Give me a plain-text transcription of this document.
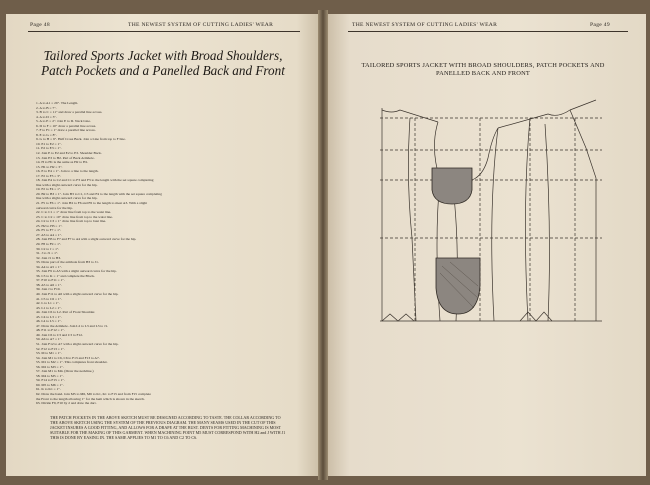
Page 48	THE NEWEST SYSTEM OF CUTTING LADIES' WEAR
Tailored Sports Jacket with Broad Shoulders, Patch Pockets and a Panelled Back and Front
1. A to A1 = 29". The Length.
2. A to B = 7".
3. B to C = 11" and draw a parallel line across.
4. A to D = 3".
5. A to E = 2". Join E to D. Neck Line.
6. D to F = 10" draw a parallel line across.
7. F to F1 = 1" draw a parallel line across.
8. E to G = 8".
9. G to H = 9". Half Cross Back. Join a Line from top to F line.
10. E1 to E2 = 1".
11. E2 to E3 = 1".
12. Join E to E2 and E2 to E3. Shoulder Back.
13. Join E3 to H2. Part of Back Armhole.
14. H to H1 is the same as H2 to H1.
15. H1 to H2 = 3".
16. E to E4 = 1". Join to a line to the length.
17. F2 to F3 = 3".
18. Join E4 to C2 and C1 to F3 and F3 to the length with the set square completing
line with a slight outward curve for the hip.
19. F2 to F4 = 1".
20. B2 to B3 = 1". Join B3 to C1, C3 and F4 to the length with the set square completing
line with a slight outward curve for the hip.
21. F5 to F6 = 1". Join H2 to F6 and F6 to the length to meet A3. With a slight
outward curve for the hip.
22. C to C1 = 1" draw line from top to the waist line.
23. C to C2 = 10" draw line from top to the waist line.
24. C2 to C3 = 1" draw line from top to bust line.
25. H2 to H3 = 1".
26. F5 to F7 = 1".
27. A3 to A4 = 1".
28. Join H3 to F7 and F7 to A4 with a slight outward curve for the hip.
29. F8 to F9 = 1".
30. C2 to J = 1".
31. J to J1 = 1".
32. Join J1 to H3.
33. Draw part of the armhole from H3 to J1.
34. A4 to A5 = 1".
35. Join F9 to A5 with a slight outward curve for the hip.
36. C3 to K = 1" and complete the Block.
37. F10 to F11 = 1".
38. A5 to A6 = 1".
39. Join J to F10.
40. Join F11 to A6 with a slight outward curve for the hip.
41. C5 to C6 = 1".
42. L to L1 = 1".
43. L1 to L2 = 1".
44. Join C6 to L2. Part of Front Shoulder.
45. C4 to L3 = 1".
46. L4 to L5 = 1".
47. Draw the Armhole. Join L2 to L3 and L3 to J1.
48. F11 to F12 = 1".
49. Join C6 to C3 and C3 to F12.
50. A6 to A7 = 1".
51. Join F12 to A7 with a slight outward curve for the hip.
52. F12 to F13 = 1".
53. M to M1 = 1".
54. Join M1 to C6, C6 to F13 and F13 to A7.
55. M1 to M2 = 1". This completes front shoulder.
56. M2 to M3 = 1".
57. Join M1 to M4. (Draw the neckline.)
58. M4 to M5 = 1".
59. F14 to F15 = 1".
60. M5 to M6 = 1".
61. K to K1 = 1".
62. Draw the band. Join M5 to M6, M6 to K1, K1 to F15 and from F15 complete
the Front to the length allowing 1" for the hem which is shown in the sketch.
63. Divide F9, F10 by 2 and draw the dart.
THE PATCH POCKETS IN THE ABOVE SKETCH MUST BE DESIGNED ACCORDING TO TASTE. THE COLLAR ACCORDING TO THE ABOVE SKETCH USING THE SYSTEM OF THE PREVIOUS DIAGRAM. THE MANY SEAMS USED IN THE CUT OF THIS JACKET INSURES A GOOD FITTING, AND ALLOWS FOR A DRAPE AT THE BUST. DENTS FOR FITTING MACHINING IS MOST SUITABLE FOR THE MAKING OF THIS GARMENT. WHEN MACHINING POINT M5 MUST CORRESPOND WITH H2 and J WITH J1 THIS IS DONE BY EASING IN. THE SAME APPLIES TO M1 TO C6 AND C2 TO C6.
THE NEWEST SYSTEM OF CUTTING LADIES' WEAR	Page 49
TAILORED SPORTS JACKET WITH BROAD SHOULDERS, PATCH POCKETS AND PANELLED BACK AND FRONT
